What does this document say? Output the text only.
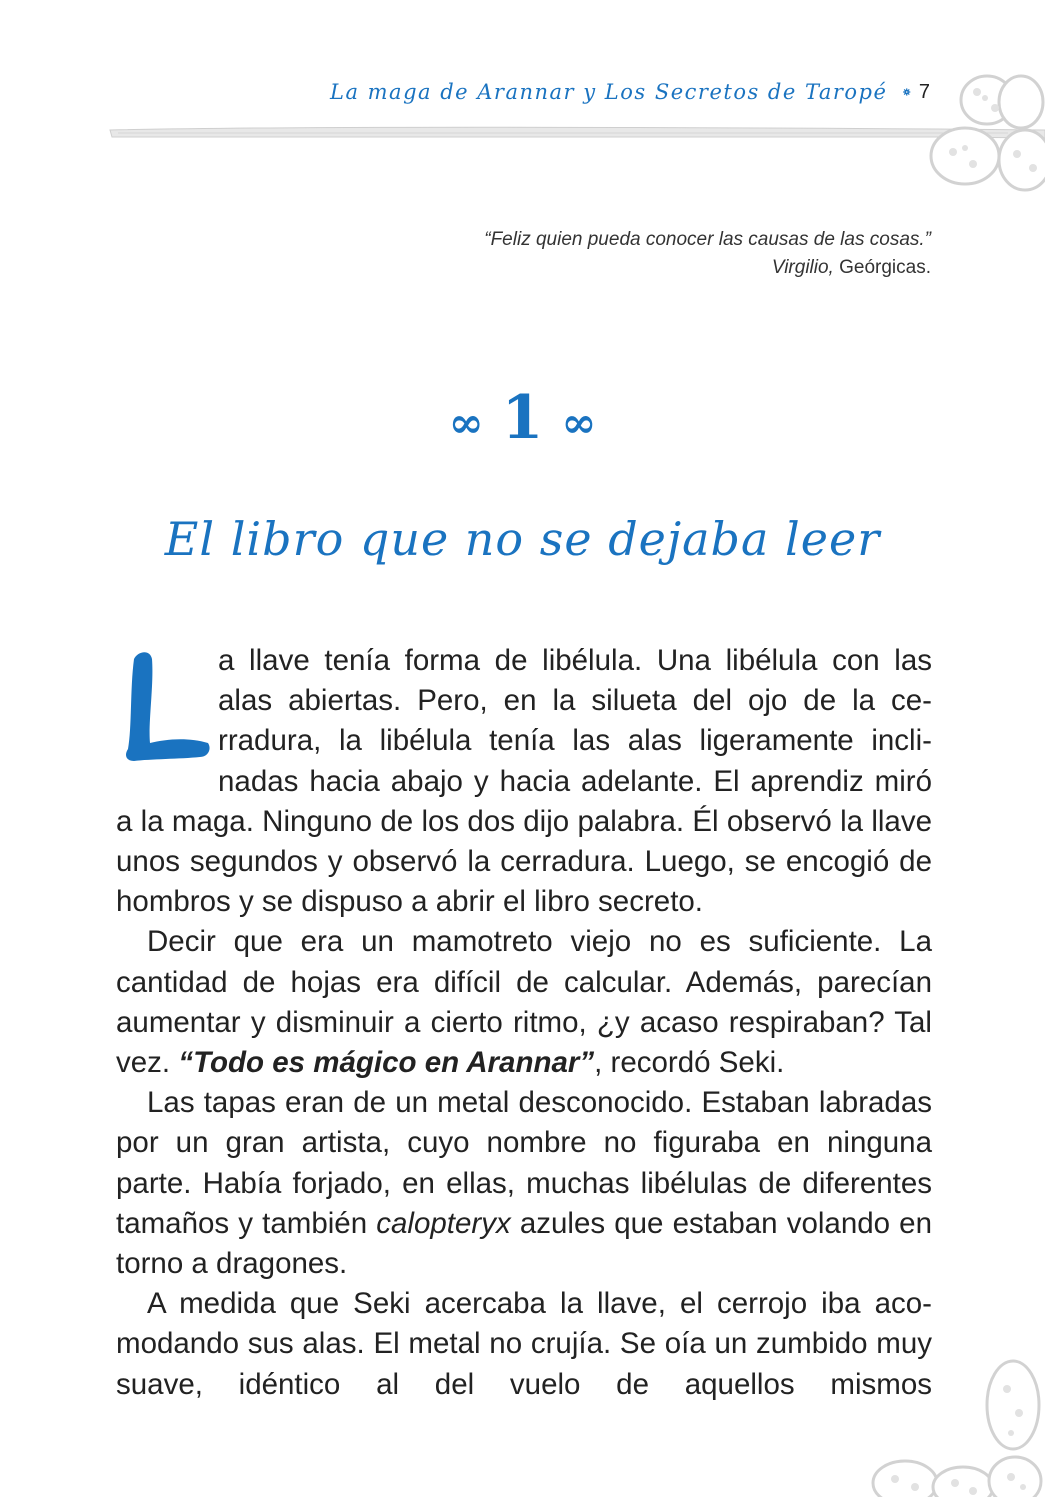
La maga de Arannar y Los Secretos de Taropé 7
“Feliz quien pueda conocer las causas de las cosas.”
Virgilio, Geórgicas.
∞ 1 ∞
El libro que no se dejaba leer

a llave tenía forma de libélula. Una libélula con las alas abiertas. Pero, en la silueta del ojo de la cerradura, la libélula tenía las alas ligeramente inclinadas hacia abajo y hacia adelante. El aprendiz miró a la maga. Ninguno de los dos dijo palabra. Él observó la llave unos segundos y observó la cerradura. Luego, se encogió de hombros y se dispuso a abrir el libro secreto.

Decir que era un mamotreto viejo no es suficiente. La cantidad de hojas era difícil de calcular. Además, parecían aumentar y disminuir a cierto ritmo, ¿y acaso respiraban? Tal vez. “Todo es mágico en Arannar”, recordó Seki.

Las tapas eran de un metal desconocido. Estaban labradas por un gran artista, cuyo nombre no figuraba en ninguna parte. Había forjado, en ellas, muchas libélulas de diferentes tamaños y también calopteryx azules que estaban volando en torno a dragones.

A medida que Seki acercaba la llave, el cerrojo iba acomodando sus alas. El metal no crujía. Se oía un zumbido muy suave, idéntico al del vuelo de aquellos mismos
